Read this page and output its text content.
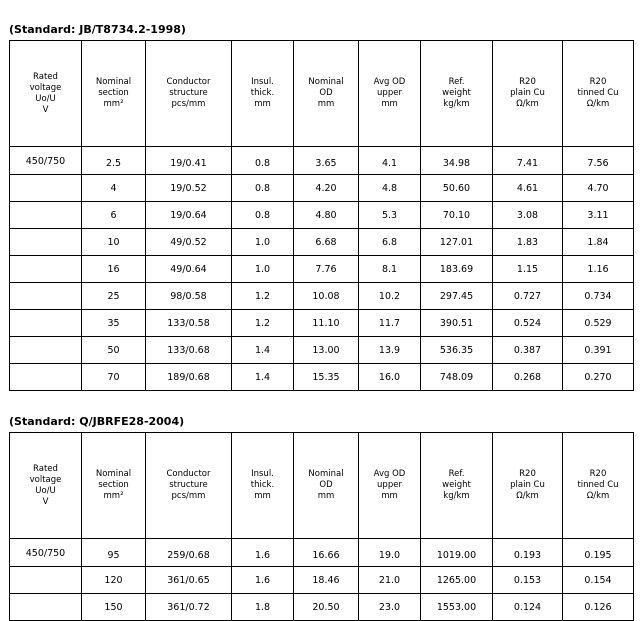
(Standard: JB/T8734.2-1998)
Rated
voltage
Uo/U
V	Nominal
section
mm²	Conductor
structure
pcs/mm	Insul.
thick.
mm	Nominal
OD
mm	Avg OD
upper
mm	Ref.
weight
kg/km	R20
plain Cu
Ω/km	R20
tinned Cu
Ω/km
450/750	2.5	19/0.41	0.8	3.65	4.1	34.98	7.41	7.56
	4	19/0.52	0.8	4.20	4.8	50.60	4.61	4.70
	6	19/0.64	0.8	4.80	5.3	70.10	3.08	3.11
	10	49/0.52	1.0	6.68	6.8	127.01	1.83	1.84
	16	49/0.64	1.0	7.76	8.1	183.69	1.15	1.16
	25	98/0.58	1.2	10.08	10.2	297.45	0.727	0.734
	35	133/0.58	1.2	11.10	11.7	390.51	0.524	0.529
	50	133/0.68	1.4	13.00	13.9	536.35	0.387	0.391
	70	189/0.68	1.4	15.35	16.0	748.09	0.268	0.270
(Standard: Q/JBRFE28-2004)
Rated
voltage
Uo/U
V	Nominal
section
mm²	Conductor
structure
pcs/mm	Insul.
thick.
mm	Nominal
OD
mm	Avg OD
upper
mm	Ref.
weight
kg/km	R20
plain Cu
Ω/km	R20
tinned Cu
Ω/km
450/750	95	259/0.68	1.6	16.66	19.0	1019.00	0.193	0.195
	120	361/0.65	1.6	18.46	21.0	1265.00	0.153	0.154
	150	361/0.72	1.8	20.50	23.0	1553.00	0.124	0.126
